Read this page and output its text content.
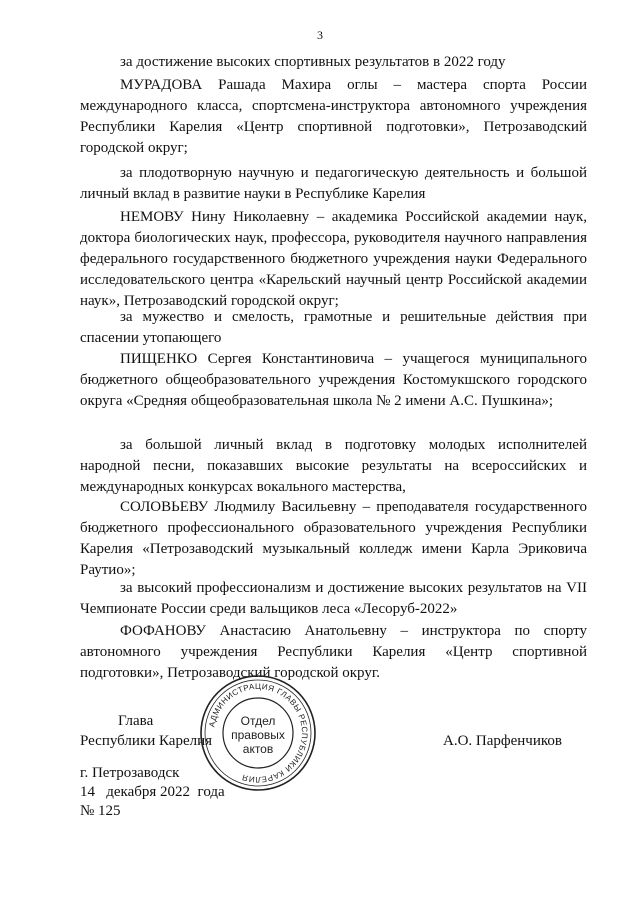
3

за достижение высоких спортивных результатов в 2022 году

МУРАДОВА Рашада Махира оглы – мастера спорта России международного класса, спортсмена-инструктора автономного учреждения Республики Карелия «Центр спортивной подготовки», Петрозаводский городской округ;

за плодотворную научную и педагогическую деятельность и большой личный вклад в развитие науки в Республике Карелия

НЕМОВУ Нину Николаевну – академика Российской академии наук, доктора биологических наук, профессора, руководителя научного направления федерального государственного бюджетного учреждения науки Федерального исследовательского центра «Карельский научный центр Российской академии наук», Петрозаводский городской округ;

за мужество и смелость, грамотные и решительные действия при спасении утопающего

ПИЩЕНКО Сергея Константиновича – учащегося муниципального бюджетного общеобразовательного учреждения Костомукшского городского округа «Средняя общеобразовательная школа № 2 имени А.С. Пушкина»;

за большой личный вклад в подготовку молодых исполнителей народной песни, показавших высокие результаты на всероссийских и международных конкурсах вокального мастерства,

СОЛОВЬЕВУ Людмилу Васильевну – преподавателя государственного бюджетного профессионального образовательного учреждения Республики Карелия «Петрозаводский музыкальный колледж имени Карла Эриковича Раутио»;

за высокий профессионализм и достижение высоких результатов на VII Чемпионате России среди вальщиков леса «Лесоруб-2022»

ФОФАНОВУ Анастасию Анатольевну – инструктора по спорту автономного учреждения Республики Карелия «Центр спортивной подготовки», Петрозаводский городской округ.

Глава
Республики Карелия	А.О. Парфенчиков
АДМИНИСТРАЦИЯ ГЛАВЫ РЕСПУБЛИКИ КАРЕЛИЯ
Отдел
правовых
актов
г. Петрозаводск
14   декабря 2022  года
№ 125
